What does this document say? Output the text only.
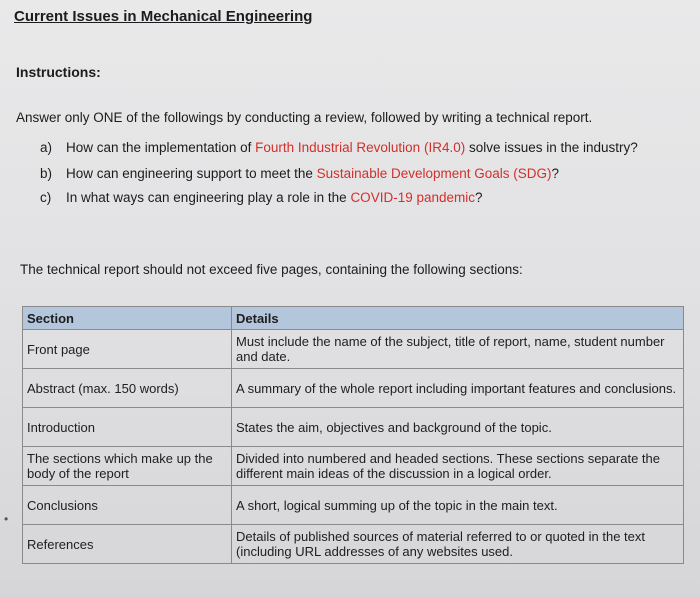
Current Issues in Mechanical Engineering

Instructions:

Answer only ONE of the followings by conducting a review, followed by writing a technical report.

a)	How can the implementation of Fourth Industrial Revolution (IR4.0) solve issues in the industry?
b)	How can engineering support to meet the Sustainable Development Goals (SDG)?
c)	In what ways can engineering play a role in the COVID-19 pandemic?

The technical report should not exceed five pages, containing the following sections:

Section	Details
Front page	Must include the name of the subject, title of report, name, student number and date.
Abstract (max. 150 words)	A summary of the whole report including important features and conclusions.
Introduction	States the aim, objectives and background of the topic.
The sections which make up the body of the report	Divided into numbered and headed sections. These sections separate the different main ideas of the discussion in a logical order.
Conclusions	A short, logical summing up of the topic in the main text.
References	Details of published sources of material referred to or quoted in the text (including URL addresses of any websites used.
•
